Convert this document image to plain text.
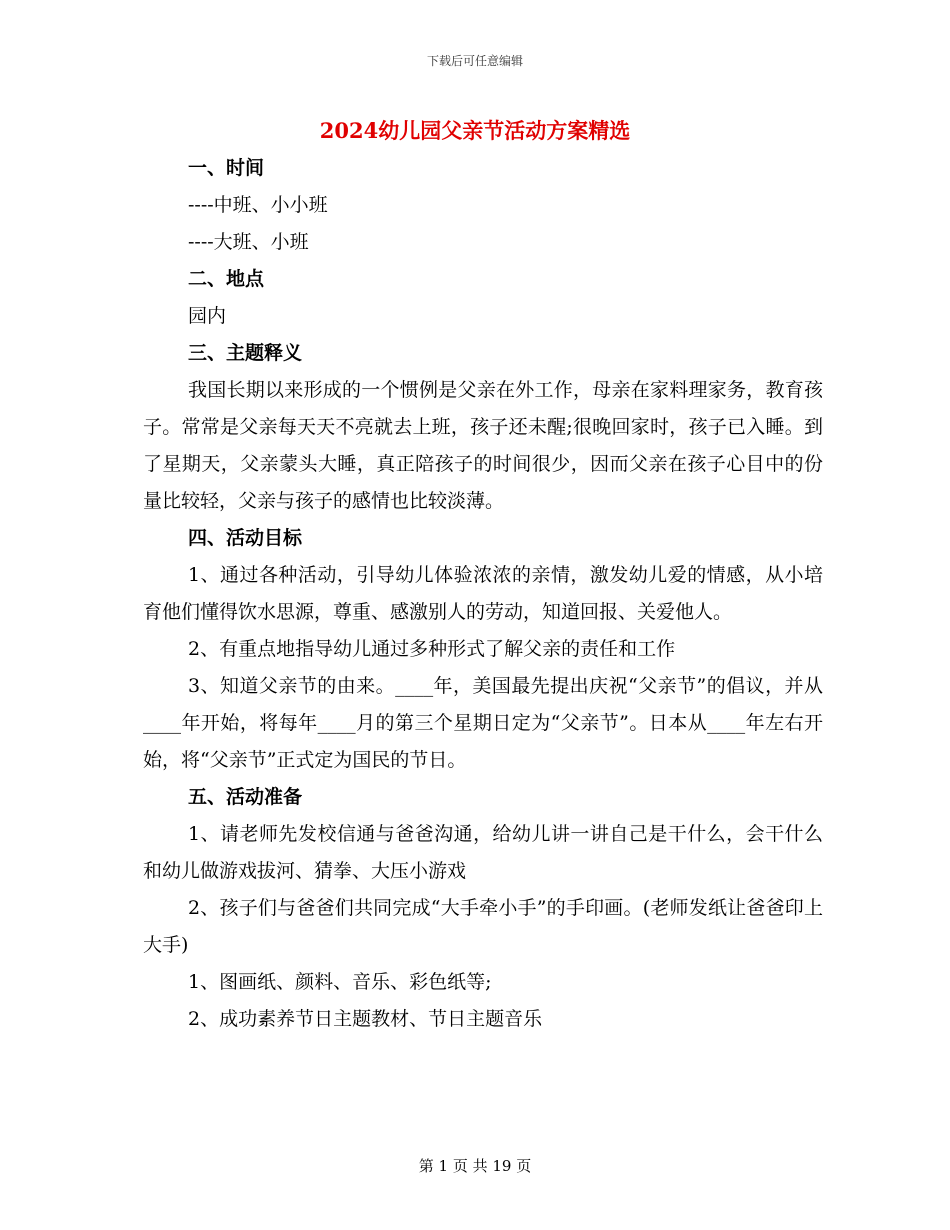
下载后可任意编辑
2024幼儿园父亲节活动方案精选

一、时间

----中班、小小班

----大班、小班

二、地点

园内

三、主题释义

我国长期以来形成的一个惯例是父亲在外工作，母亲在家料理家务，教育孩子。常常是父亲每天天不亮就去上班，孩子还未醒;很晚回家时，孩子已入睡。到了星期天，父亲蒙头大睡，真正陪孩子的时间很少，因而父亲在孩子心目中的份量比较轻，父亲与孩子的感情也比较淡薄。

四、活动目标

1、通过各种活动，引导幼儿体验浓浓的亲情，激发幼儿爱的情感，从小培育他们懂得饮水思源，尊重、感激别人的劳动，知道回报、关爱他人。

2、有重点地指导幼儿通过多种形式了解父亲的责任和工作

3、知道父亲节的由来。____年，美国最先提出庆祝“父亲节”的倡议，并从____年开始，将每年____月的第三个星期日定为“父亲节”。日本从____年左右开始，将“父亲节”正式定为国民的节日。

五、活动准备

1、请老师先发校信通与爸爸沟通，给幼儿讲一讲自己是干什么，会干什么和幼儿做游戏拔河、猜拳、大压小游戏

2、孩子们与爸爸们共同完成“大手牵小手”的手印画。(老师发纸让爸爸印上大手)

1、图画纸、颜料、音乐、彩色纸等;

2、成功素养节日主题教材、节日主题音乐

第 1 页 共 19 页
